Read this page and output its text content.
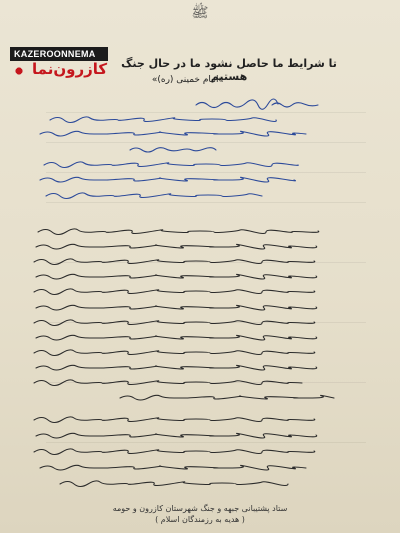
ﷺ
KAZEROONNEMA
کازرون‌نما	تا شرايط ما حاصل نشود ما در حال جنگ هستيم
«امام خمينی (ره)»
ستاد پشتيبانی جبهه و جنگ شهرستان کازرون و حومه
( هديه به رزمندگان اسلام )
